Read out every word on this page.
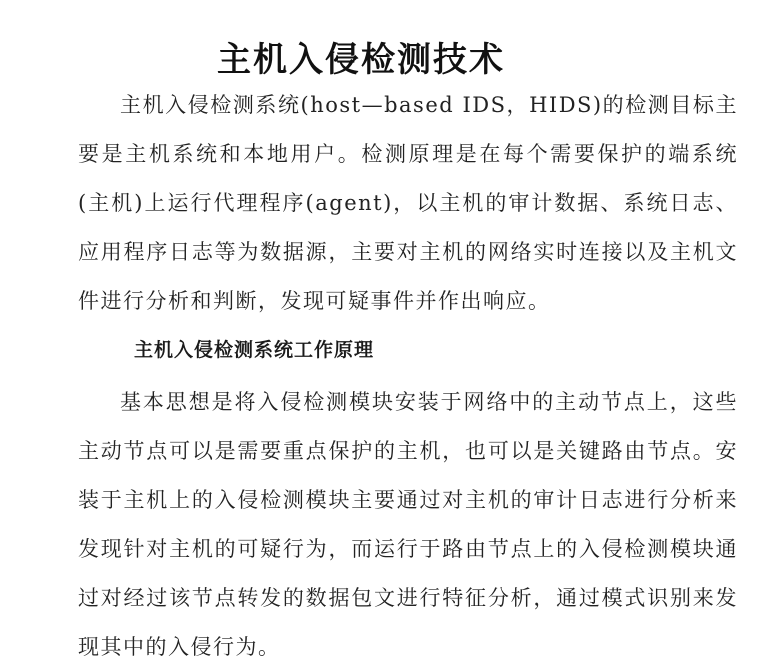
主机入侵检测技术

主机入侵检测系统(host—based IDS，HIDS)的检测目标主要是主机系统和本地用户。检测原理是在每个需要保护的端系统(主机)上运行代理程序(agent)，以主机的审计数据、系统日志、应用程序日志等为数据源，主要对主机的网络实时连接以及主机文件进行分析和判断，发现可疑事件并作出响应。

主机入侵检测系统工作原理

基本思想是将入侵检测模块安装于网络中的主动节点上，这些主动节点可以是需要重点保护的主机，也可以是关键路由节点。安装于主机上的入侵检测模块主要通过对主机的审计日志进行分析来发现针对主机的可疑行为，而运行于路由节点上的入侵检测模块通过对经过该节点转发的数据包文进行特征分析，通过模式识别来发现其中的入侵行为。
